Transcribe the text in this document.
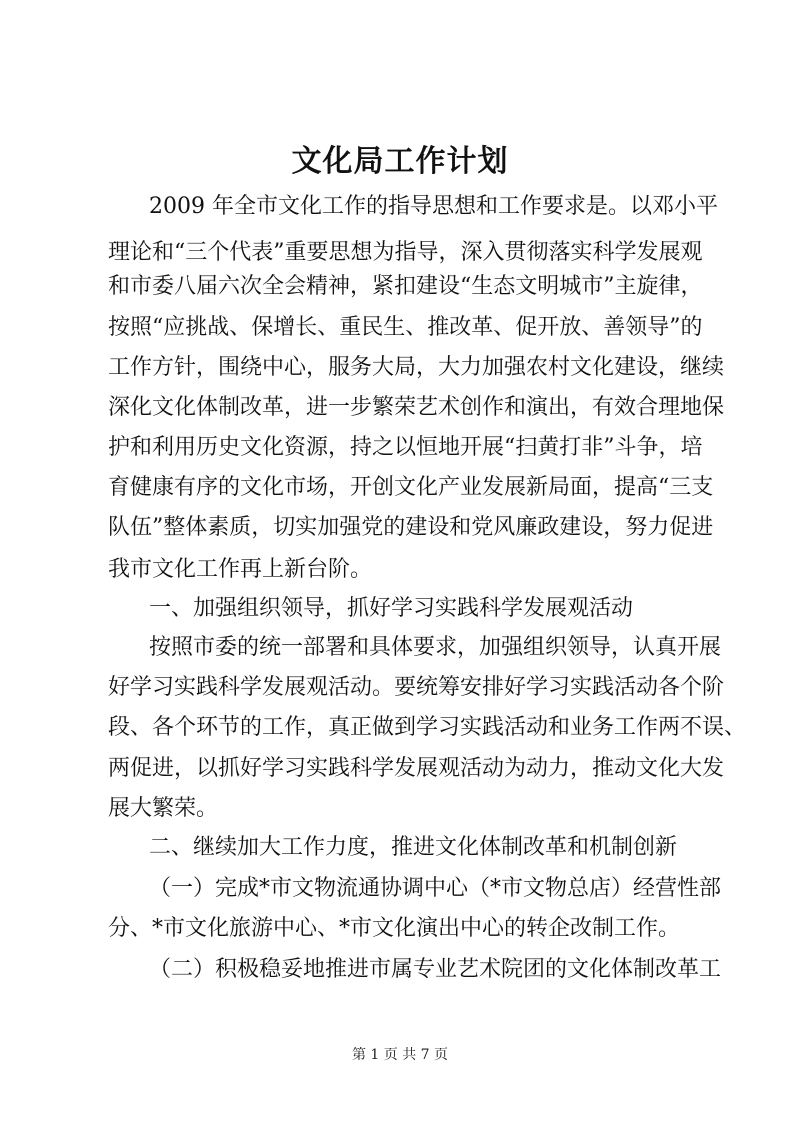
文化局工作计划
2009 年全市文化工作的指导思想和工作要求是。以邓小平
理论和“三个代表”重要思想为指导，深入贯彻落实科学发展观
和市委八届六次全会精神，紧扣建设“生态文明城市”主旋律，
按照“应挑战、保增长、重民生、推改革、促开放、善领导”的
工作方针，围绕中心，服务大局，大力加强农村文化建设，继续
深化文化体制改革，进一步繁荣艺术创作和演出，有效合理地保
护和利用历史文化资源，持之以恒地开展“扫黄打非”斗争，培
育健康有序的文化市场，开创文化产业发展新局面，提高“三支
队伍”整体素质，切实加强党的建设和党风廉政建设，努力促进
我市文化工作再上新台阶。
一、加强组织领导，抓好学习实践科学发展观活动
按照市委的统一部署和具体要求，加强组织领导，认真开展
好学习实践科学发展观活动。要统筹安排好学习实践活动各个阶
段、各个环节的工作，真正做到学习实践活动和业务工作两不误、
两促进，以抓好学习实践科学发展观活动为动力，推动文化大发
展大繁荣。
二、继续加大工作力度，推进文化体制改革和机制创新
（一）完成*市文物流通协调中心（*市文物总店）经营性部
分、*市文化旅游中心、*市文化演出中心的转企改制工作。
（二）积极稳妥地推进市属专业艺术院团的文化体制改革工
第 1 页 共 7 页
